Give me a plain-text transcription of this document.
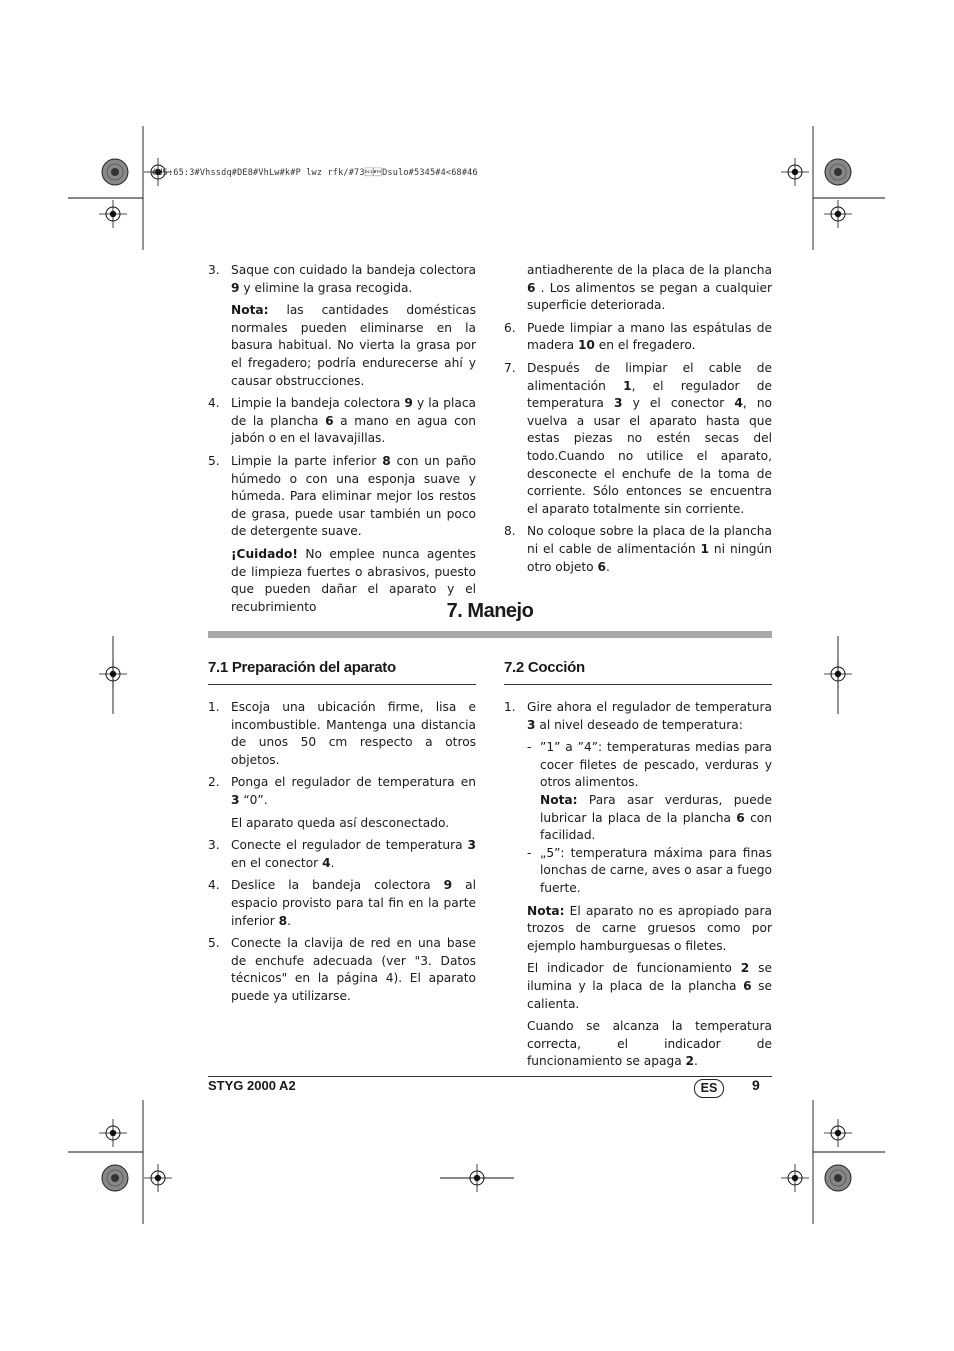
#US:65:3#Vhssdq#DE8#VhLw#k#P lwz rfk/#73Dsulo#5345#4<68#46
3. Saque con cuidado la bandeja colectora 9 y elimine la grasa recogida.
Nota: las cantidades domésticas normales pueden eliminarse en la basura habitual. No vierta la grasa por el fregadero; podría endurecerse ahí y causar obstrucciones.
4. Limpie la bandeja colectora 9 y la placa de la plancha 6 a mano en agua con jabón o en el lavavajillas.
5. Limpie la parte inferior 8 con un paño húmedo o con una esponja suave y húmeda. Para eliminar mejor los restos de grasa, puede usar también un poco de detergente suave.
¡Cuidado! No emplee nunca agentes de limpieza fuertes o abrasivos, puesto que pueden dañar el aparato y el recubrimiento
antiadherente de la placa de la plancha 6 . Los alimentos se pegan a cualquier superficie deteriorada.
6. Puede limpiar a mano las espátulas de madera 10 en el fregadero.
7. Después de limpiar el cable de alimentación 1, el regulador de temperatura 3 y el conector 4, no vuelva a usar el aparato hasta que estas piezas no estén secas del todo.Cuando no utilice el aparato, desconecte el enchufe de la toma de corriente. Sólo entonces se encuentra el aparato totalmente sin corriente.
8. No coloque sobre la placa de la plancha ni el cable de alimentación 1 ni ningún otro objeto 6.
7. Manejo
7.1 Preparación del aparato
1. Escoja una ubicación firme, lisa e incombustible. Mantenga una distancia de unos 50 cm respecto a otros objetos.
2. Ponga el regulador de temperatura en 3 “0”.
El aparato queda así desconectado.
3. Conecte el regulador de temperatura 3 en el conector 4.
4. Deslice la bandeja colectora 9 al espacio provisto para tal fin en la parte inferior 8.
5. Conecte la clavija de red en una base de enchufe adecuada (ver "3. Datos técnicos" en la página 4). El aparato puede ya utilizarse.
7.2 Cocción
1. Gire ahora el regulador de temperatura 3 al nivel deseado de temperatura:
- ”1” a ”4”: temperaturas medias para cocer filetes de pescado, verduras y otros alimentos.
Nota: Para asar verduras, puede lubricar la placa de la plancha 6 con facilidad.
- „5”: temperatura máxima para finas lonchas de carne, aves o asar a fuego fuerte.
Nota: El aparato no es apropiado para trozos de carne gruesos como por ejemplo hamburguesas o filetes.
El indicador de funcionamiento 2 se ilumina y la placa de la plancha 6 se calienta.
Cuando se alcanza la temperatura correcta, el indicador de funcionamiento se apaga 2.
STYG 2000 A2	ES	9
